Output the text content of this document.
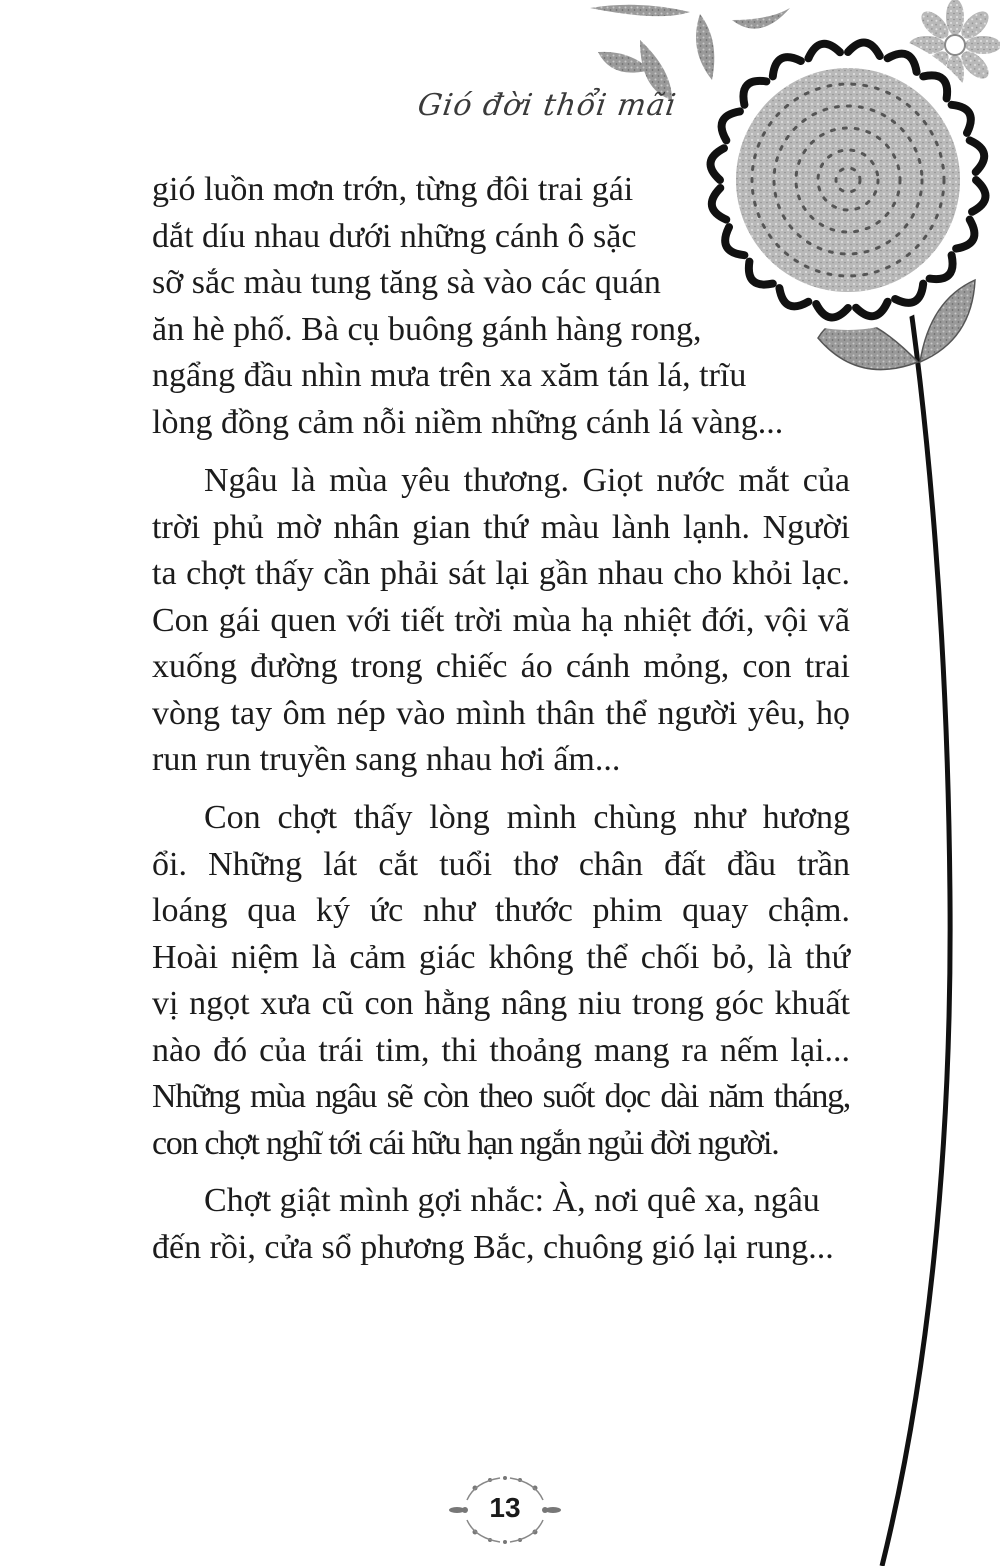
Gió đời thổi mãi

gió luồn mơn trớn, từng đôi trai gái
dắt díu nhau dưới những cánh ô sặc
sỡ sắc màu tung tăng sà vào các quán
ăn hè phố. Bà cụ buông gánh hàng rong,
ngẩng đầu nhìn mưa trên xa xăm tán lá, trĩu
lòng đồng cảm nỗi niềm những cánh lá vàng...

Ngâu là mùa yêu thương. Giọt nước mắt của
trời phủ mờ nhân gian thứ màu lành lạnh. Người
ta chợt thấy cần phải sát lại gần nhau cho khỏi lạc.
Con gái quen với tiết trời mùa hạ nhiệt đới, vội vã
xuống đường trong chiếc áo cánh mỏng, con trai
vòng tay ôm nép vào mình thân thể người yêu, họ
run run truyền sang nhau hơi ấm...

Con chợt thấy lòng mình chùng như hương
ổi. Những lát cắt tuổi thơ chân đất đầu trần
loáng qua ký ức như thước phim quay chậm.
Hoài niệm là cảm giác không thể chối bỏ, là thứ
vị ngọt xưa cũ con hằng nâng niu trong góc khuất
nào đó của trái tim, thi thoảng mang ra nếm lại...
Những mùa ngâu sẽ còn theo suốt dọc dài năm tháng,
con chợt nghĩ tới cái hữu hạn ngắn ngủi đời người.

Chợt giật mình gợi nhắc: À, nơi quê xa, ngâu
đến rồi, cửa sổ phương Bắc, chuông gió lại rung...

13
